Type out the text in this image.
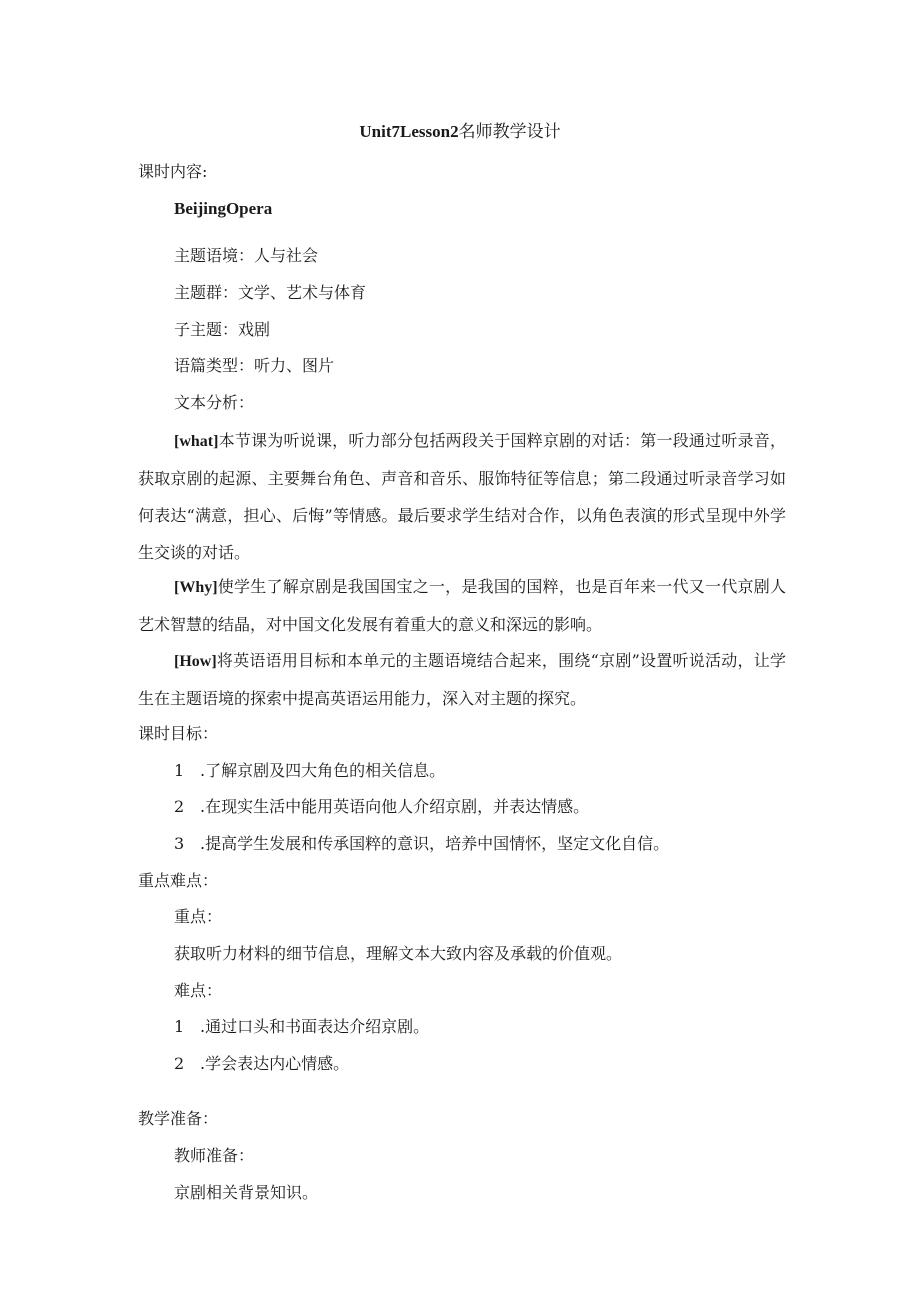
Unit7Lesson2名师教学设计
课时内容:
BeijingOpera
主题语境：人与社会
主题群：文学、艺术与体育
子主题：戏剧
语篇类型：听力、图片
文本分析：
[what]本节课为听说课，听力部分包括两段关于国粹京剧的对话：第一段通过听录音，获取京剧的起源、主要舞台角色、声音和音乐、服饰特征等信息；第二段通过听录音学习如何表达“满意，担心、后悔”等情感。最后要求学生结对合作，以角色表演的形式呈现中外学生交谈的对话。
[Why]使学生了解京剧是我国国宝之一，是我国的国粹，也是百年来一代又一代京剧人艺术智慧的结晶，对中国文化发展有着重大的意义和深远的影响。
[How]将英语语用目标和本单元的主题语境结合起来，围绕“京剧”设置听说活动，让学生在主题语境的探索中提高英语运用能力，深入对主题的探究。
课时目标：
1 .了解京剧及四大角色的相关信息。
2 .在现实生活中能用英语向他人介绍京剧，并表达情感。
3 .提高学生发展和传承国粹的意识，培养中国情怀，坚定文化自信。
重点难点：
重点：
获取听力材料的细节信息，理解文本大致内容及承载的价值观。
难点：
1 .通过口头和书面表达介绍京剧。
2 .学会表达内心情感。
教学准备：
教师准备：
京剧相关背景知识。
